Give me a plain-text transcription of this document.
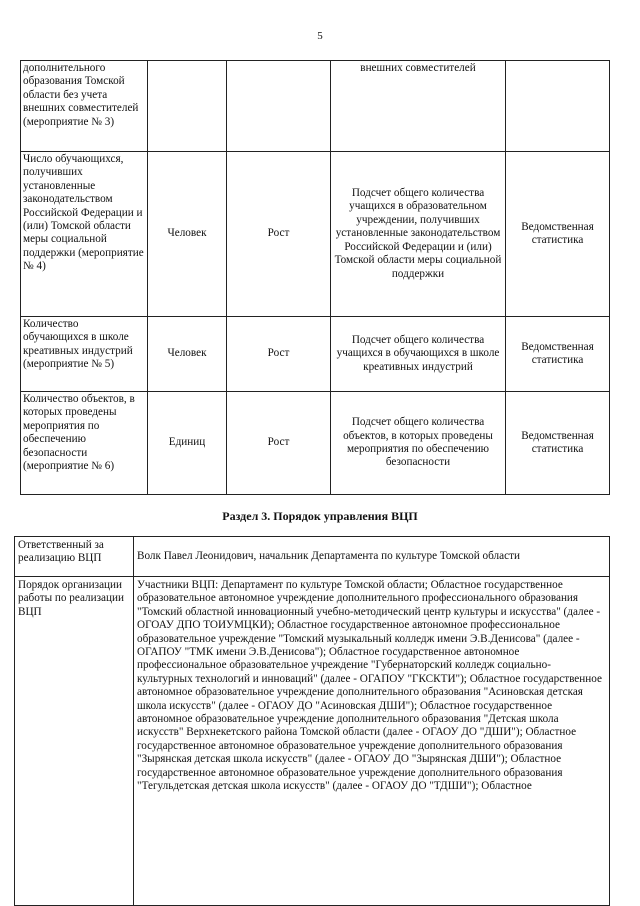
5
дополнительного образования Томской области без учета внешних совместителей (мероприятие № 3)			внешних совместителей	
Число обучающихся, получивших установленные законодательством Российской Федерации и (или) Томской области меры социальной поддержки (мероприятие № 4)	Человек	Рост	Подсчет общего количества учащихся в образовательном учреждении, получивших установленные законодательством Российской Федерации и (или) Томской области меры социальной поддержки	Ведомственная статистика
Количество обучающихся в школе креативных индустрий (мероприятие № 5)	Человек	Рост	Подсчет общего количества учащихся в обучающихся в школе креативных индустрий	Ведомственная статистика
Количество объектов, в которых проведены мероприятия по обеспечению безопасности (мероприятие № 6)	Единиц	Рост	Подсчет общего количества объектов, в которых проведены мероприятия по обеспечению безопасности	Ведомственная статистика
Раздел 3. Порядок управления ВЦП
Ответственный за реализацию ВЦП	Волк Павел Леонидович, начальник Департамента по культуре Томской области
Порядок организации работы по реализации ВЦП	Участники ВЦП: Департамент по культуре Томской области; Областное государственное образовательное автономное учреждение дополнительного профессионального образования "Томский областной инновационный учебно-методический центр культуры и искусства" (далее - ОГОАУ ДПО ТОИУМЦКИ); Областное государственное автономное профессиональное образовательное учреждение "Томский музыкальный колледж имени Э.В.Денисова" (далее - ОГАПОУ "ТМК имени Э.В.Денисова"); Областное государственное автономное профессиональное образовательное учреждение "Губернаторский колледж социально-культурных технологий и инноваций" (далее - ОГАПОУ "ГКСКТИ"); Областное государственное автономное образовательное учреждение дополнительного образования "Асиновская детская школа искусств" (далее - ОГАОУ ДО "Асиновская ДШИ"); Областное государственное автономное образовательное учреждение дополнительного образования "Детская школа искусств" Верхнекетского района Томской области (далее - ОГАОУ ДО "ДШИ"); Областное государственное автономное образовательное учреждение дополнительного образования "Зырянская детская школа искусств" (далее - ОГАОУ ДО "Зырянская ДШИ"); Областное государственное автономное образовательное учреждение дополнительного образования "Тегульдетская детская школа искусств" (далее - ОГАОУ ДО "ТДШИ"); Областное
